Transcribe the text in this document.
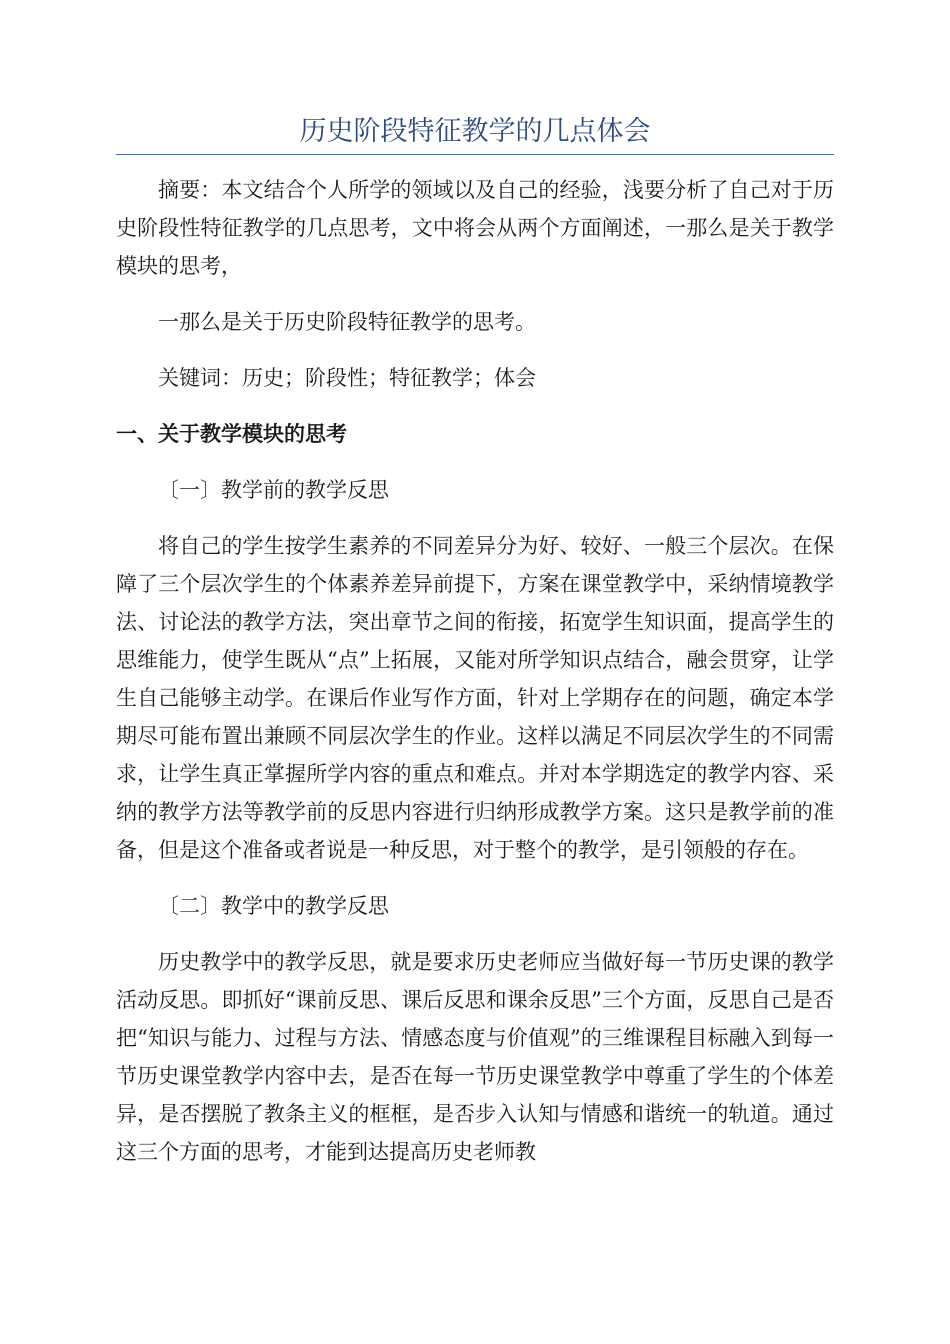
历史阶段特征教学的几点体会

摘要：本文结合个人所学的领域以及自己的经验，浅要分析了自己对于历史阶段性特征教学的几点思考，文中将会从两个方面阐述，一那么是关于教学模块的思考，

一那么是关于历史阶段特征教学的思考。

关键词：历史；阶段性；特征教学；体会

一、关于教学模块的思考

〔一〕教学前的教学反思

将自己的学生按学生素养的不同差异分为好、较好、一般三个层次。在保障了三个层次学生的个体素养差异前提下，方案在课堂教学中，采纳情境教学法、讨论法的教学方法，突出章节之间的衔接，拓宽学生知识面，提高学生的思维能力，使学生既从“点”上拓展，又能对所学知识点结合，融会贯穿，让学生自己能够主动学。在课后作业写作方面，针对上学期存在的问题，确定本学期尽可能布置出兼顾不同层次学生的作业。这样以满足不同层次学生的不同需求，让学生真正掌握所学内容的重点和难点。并对本学期选定的教学内容、采纳的教学方法等教学前的反思内容进行归纳形成教学方案。这只是教学前的准备，但是这个准备或者说是一种反思，对于整个的教学，是引领般的存在。

〔二〕教学中的教学反思

历史教学中的教学反思，就是要求历史老师应当做好每一节历史课的教学活动反思。即抓好“课前反思、课后反思和课余反思”三个方面，反思自己是否把“知识与能力、过程与方法、情感态度与价值观”的三维课程目标融入到每一节历史课堂教学内容中去，是否在每一节历史课堂教学中尊重了学生的个体差异，是否摆脱了教条主义的框框，是否步入认知与情感和谐统一的轨道。通过这三个方面的思考，才能到达提高历史老师教
